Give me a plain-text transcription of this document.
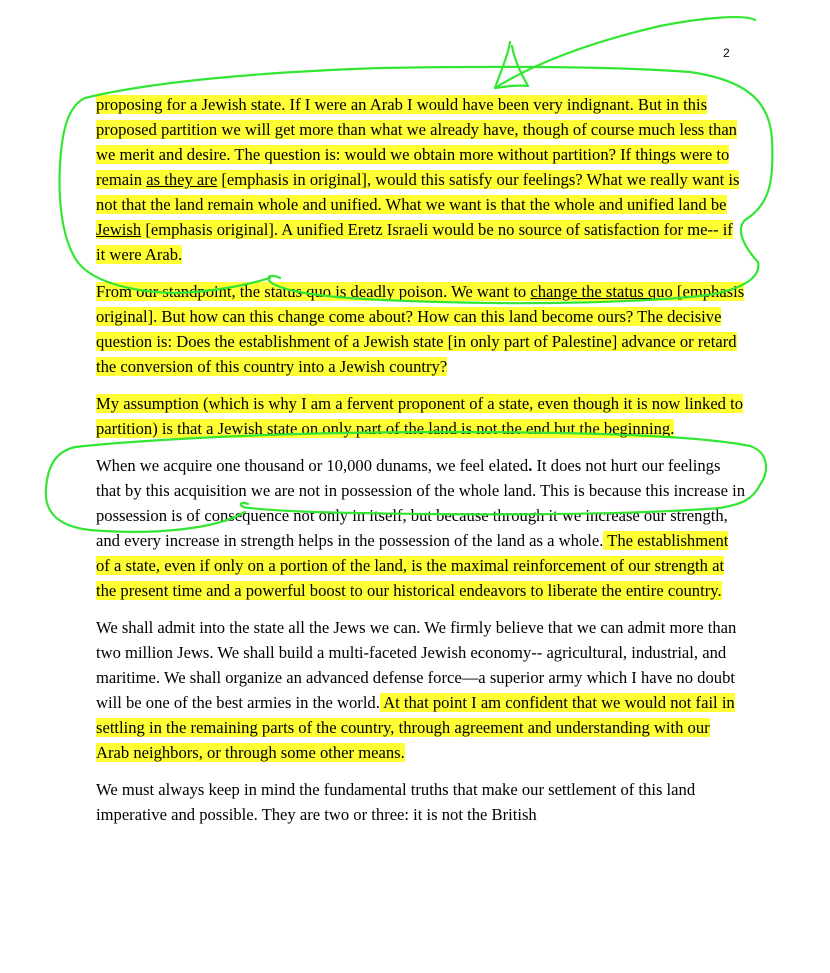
2

proposing for a Jewish state. If I were an Arab I would have been very indignant. But in this proposed partition we will get more than what we already have, though of course much less than we merit and desire. The question is: would we obtain more without partition? If things were to remain as they are [emphasis in original], would this satisfy our feelings? What we really want is not that the land remain whole and unified. What we want is that the whole and unified land be Jewish [emphasis original]. A unified Eretz Israeli would be no source of satisfaction for me-- if it were Arab.

From our standpoint, the status quo is deadly poison. We want to change the status quo [emphasis original]. But how can this change come about? How can this land become ours? The decisive question is: Does the establishment of a Jewish state [in only part of Palestine] advance or retard the conversion of this country into a Jewish country?

My assumption (which is why I am a fervent proponent of a state, even though it is now linked to partition) is that a Jewish state on only part of the land is not the end but the beginning.

When we acquire one thousand or 10,000 dunams, we feel elated. It does not hurt our feelings that by this acquisition we are not in possession of the whole land. This is because this increase in possession is of consequence not only in itself, but because through it we increase our strength, and every increase in strength helps in the possession of the land as a whole. The establishment of a state, even if only on a portion of the land, is the maximal reinforcement of our strength at the present time and a powerful boost to our historical endeavors to liberate the entire country.

We shall admit into the state all the Jews we can. We firmly believe that we can admit more than two million Jews. We shall build a multi-faceted Jewish economy-- agricultural, industrial, and maritime. We shall organize an advanced defense force—a superior army which I have no doubt will be one of the best armies in the world. At that point I am confident that we would not fail in settling in the remaining parts of the country, through agreement and understanding with our Arab neighbors, or through some other means.

We must always keep in mind the fundamental truths that make our settlement of this land imperative and possible. They are two or three: it is not the British
